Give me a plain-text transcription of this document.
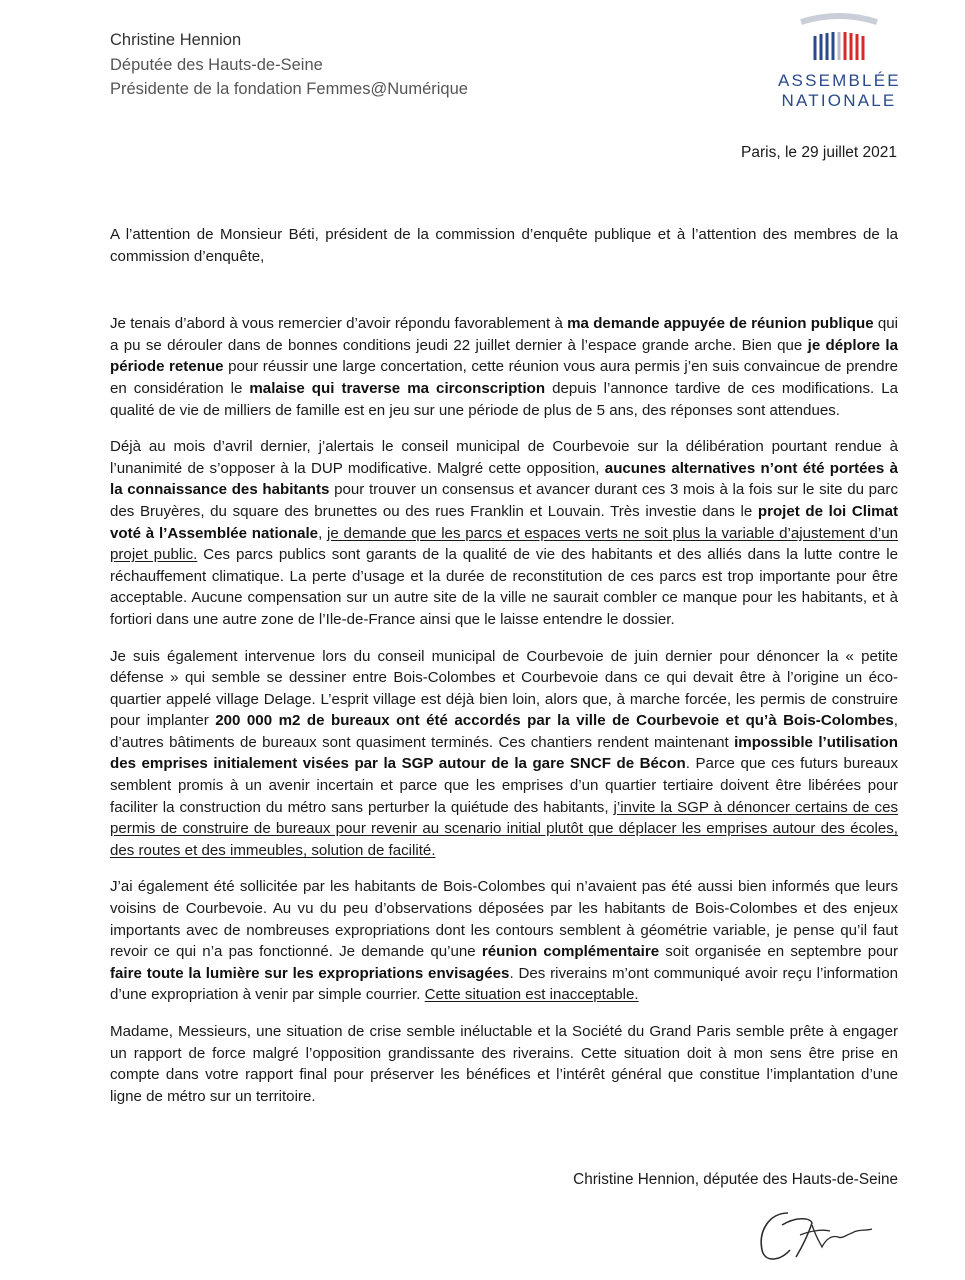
Christine Hennion
Députée des Hauts-de-Seine
Présidente de la fondation Femmes@Numérique	ASSEMBLÉE
NATIONALE
Paris, le 29 juillet 2021

A l’attention de Monsieur Béti, président de la commission d’enquête publique et à l’attention des membres de la commission d’enquête,

Je tenais d’abord à vous remercier d’avoir répondu favorablement à ma demande appuyée de réunion publique qui a pu se dérouler dans de bonnes conditions jeudi 22 juillet dernier à l’espace grande arche. Bien que je déplore la période retenue pour réussir une large concertation, cette réunion vous aura permis j’en suis convaincue de prendre en considération le malaise qui traverse ma circonscription depuis l’annonce tardive de ces modifications. La qualité de vie de milliers de famille est en jeu sur une période de plus de 5 ans, des réponses sont attendues.

Déjà au mois d’avril dernier, j’alertais le conseil municipal de Courbevoie sur la délibération pourtant rendue à l’unanimité de s’opposer à la DUP modificative. Malgré cette opposition, aucunes alternatives n’ont été portées à la connaissance des habitants pour trouver un consensus et avancer durant ces 3 mois à la fois sur le site du parc des Bruyères, du square des brunettes ou des rues Franklin et Louvain. Très investie dans le projet de loi Climat voté à l’Assemblée nationale, je demande que les parcs et espaces verts ne soit plus la variable d’ajustement d’un projet public. Ces parcs publics sont garants de la qualité de vie des habitants et des alliés dans la lutte contre le réchauffement climatique. La perte d’usage et la durée de reconstitution de ces parcs est trop importante pour être acceptable. Aucune compensation sur un autre site de la ville ne saurait combler ce manque pour les habitants, et à fortiori dans une autre zone de l’Ile-de-France ainsi que le laisse entendre le dossier.

Je suis également intervenue lors du conseil municipal de Courbevoie de juin dernier pour dénoncer la « petite défense » qui semble se dessiner entre Bois-Colombes et Courbevoie dans ce qui devait être à l’origine un éco-quartier appelé village Delage. L’esprit village est déjà bien loin, alors que, à marche forcée, les permis de construire pour implanter 200 000 m2 de bureaux ont été accordés par la ville de Courbevoie et qu’à Bois-Colombes, d’autres bâtiments de bureaux sont quasiment terminés. Ces chantiers rendent maintenant impossible l’utilisation des emprises initialement visées par la SGP autour de la gare SNCF de Bécon. Parce que ces futurs bureaux semblent promis à un avenir incertain et parce que les emprises d’un quartier tertiaire doivent être libérées pour faciliter la construction du métro sans perturber la quiétude des habitants, j’invite la SGP à dénoncer certains de ces permis de construire de bureaux pour revenir au scenario initial plutôt que déplacer les emprises autour des écoles, des routes et des immeubles, solution de facilité.

J’ai également été sollicitée par les habitants de Bois-Colombes qui n’avaient pas été aussi bien informés que leurs voisins de Courbevoie. Au vu du peu d’observations déposées par les habitants de Bois-Colombes et des enjeux importants avec de nombreuses expropriations dont les contours semblent à géométrie variable, je pense qu’il faut revoir ce qui n’a pas fonctionné. Je demande qu’une réunion complémentaire soit organisée en septembre pour faire toute la lumière sur les expropriations envisagées. Des riverains m’ont communiqué avoir reçu l’information d’une expropriation à venir par simple courrier. Cette situation est inacceptable.

Madame, Messieurs, une situation de crise semble inéluctable et la Société du Grand Paris semble prête à engager un rapport de force malgré l’opposition grandissante des riverains. Cette situation doit à mon sens être prise en compte dans votre rapport final pour préserver les bénéfices et l’intérêt général que constitue l’implantation d’une ligne de métro sur un territoire.

Christine Hennion, députée des Hauts-de-Seine
